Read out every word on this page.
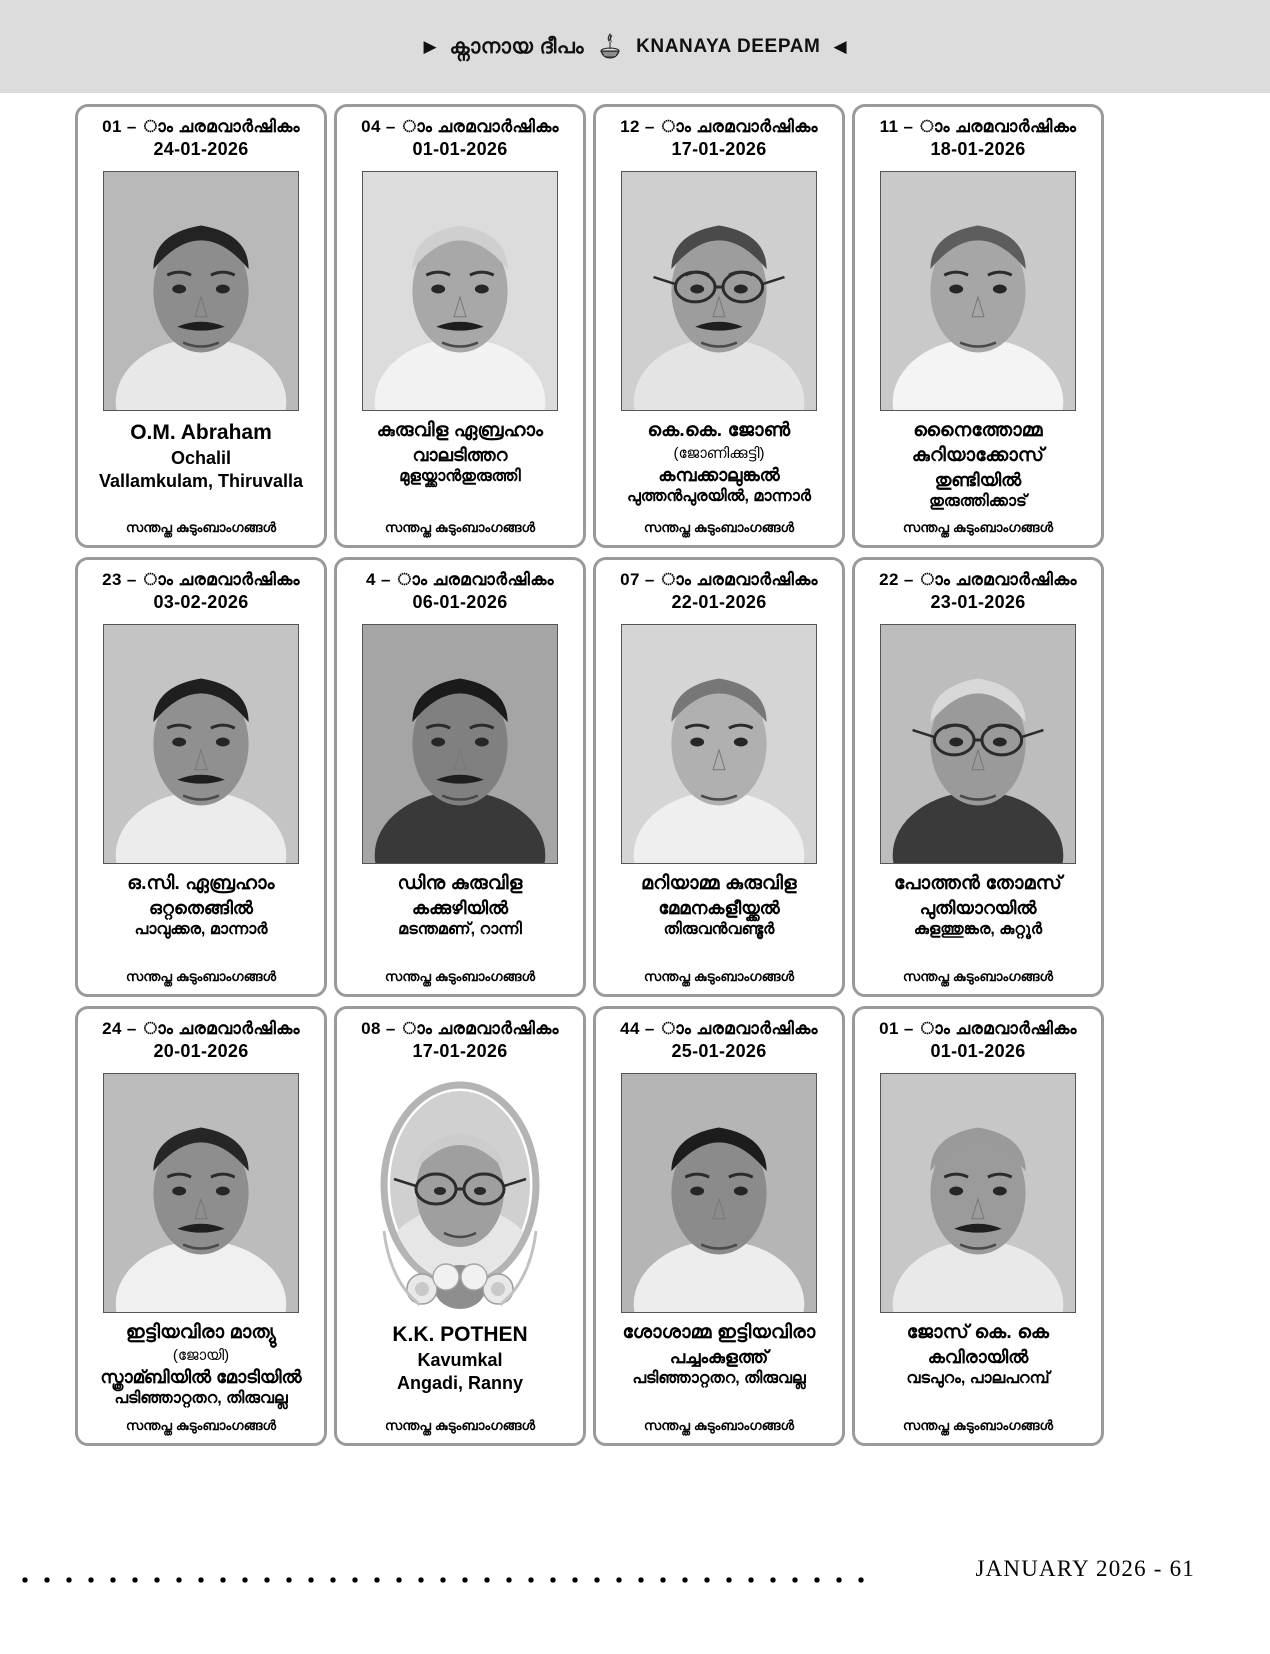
▶ ക്നാനായ ദീപം	KNANAYA DEEPAM ◀
01 – ാം ചരമവാർഷികം
24-01-2026
O.M. Abraham
Ochalil
Vallamkulam, Thiruvalla
സന്തപ്ത കുടുംബാംഗങ്ങൾ
04 – ാം ചരമവാർഷികം
01-01-2026
കുരുവിള ഏബ്രഹാം
വാലടിത്തറ
മുളയ്ക്കാൻതുരുത്തി
സന്തപ്ത കുടുംബാംഗങ്ങൾ
12 – ാം ചരമവാർഷികം
17-01-2026
കെ.കെ. ജോൺ
(ജോണിക്കുട്ടി)
കമ്പക്കാലുങ്കൽ
പുത്തൻപുരയിൽ, മാന്നാർ
സന്തപ്ത കുടുംബാംഗങ്ങൾ
11 – ാം ചരമവാർഷികം
18-01-2026
നെൈത്തോമ്മ കുറിയാക്കോസ്
തുണ്ടിയിൽ
തുരുത്തിക്കാട്
സന്തപ്ത കുടുംബാംഗങ്ങൾ
23 – ാം ചരമവാർഷികം
03-02-2026
ഒ.സി. ഏബ്രഹാം
ഒറ്റതെങ്ങിൽ
പാവുക്കര, മാന്നാർ
സന്തപ്ത കുടുംബാംഗങ്ങൾ
4 – ാം ചരമവാർഷികം
06-01-2026
ഡിനു കുരുവിള
കക്കുഴിയിൽ
മടന്തമണ്, റാന്നി
സന്തപ്ത കുടുംബാംഗങ്ങൾ
07 – ാം ചരമവാർഷികം
22-01-2026
മറിയാമ്മ കുരുവിള
മേമനകളീയ്ക്കൽ
തിരുവൻവണ്ടൂർ
സന്തപ്ത കുടുംബാംഗങ്ങൾ
22 – ാം ചരമവാർഷികം
23-01-2026
പോത്തൻ തോമസ്
പുതിയാറയിൽ
കുളത്തുങ്കര, കുറ്റൂർ
സന്തപ്ത കുടുംബാംഗങ്ങൾ
24 – ാം ചരമവാർഷികം
20-01-2026
ഇട്ടിയവിരാ മാത്യു
(ജോയി)
സ്ത്രാമ്ബിയിൽ മോടിയിൽ
പടിഞ്ഞാറ്റതറ, തിരുവല്ല
സന്തപ്ത കുടുംബാംഗങ്ങൾ
08 – ാം ചരമവാർഷികം
17-01-2026
K.K. POTHEN
Kavumkal
Angadi, Ranny
സന്തപ്ത കുടുംബാംഗങ്ങൾ
44 – ാം ചരമവാർഷികം
25-01-2026
ശോശാമ്മ ഇട്ടിയവിരാ
പച്ചംകുളത്ത്
പടിഞ്ഞാറ്റതറ, തിരുവല്ല
സന്തപ്ത കുടുംബാംഗങ്ങൾ
01 – ാം ചരമവാർഷികം
01-01-2026
ജോസ് കെ. കെ
കവിരായിൽ
വടപുറം, പാലപറമ്പ്
സന്തപ്ത കുടുംബാംഗങ്ങൾ
JANUARY 2026 - 61
